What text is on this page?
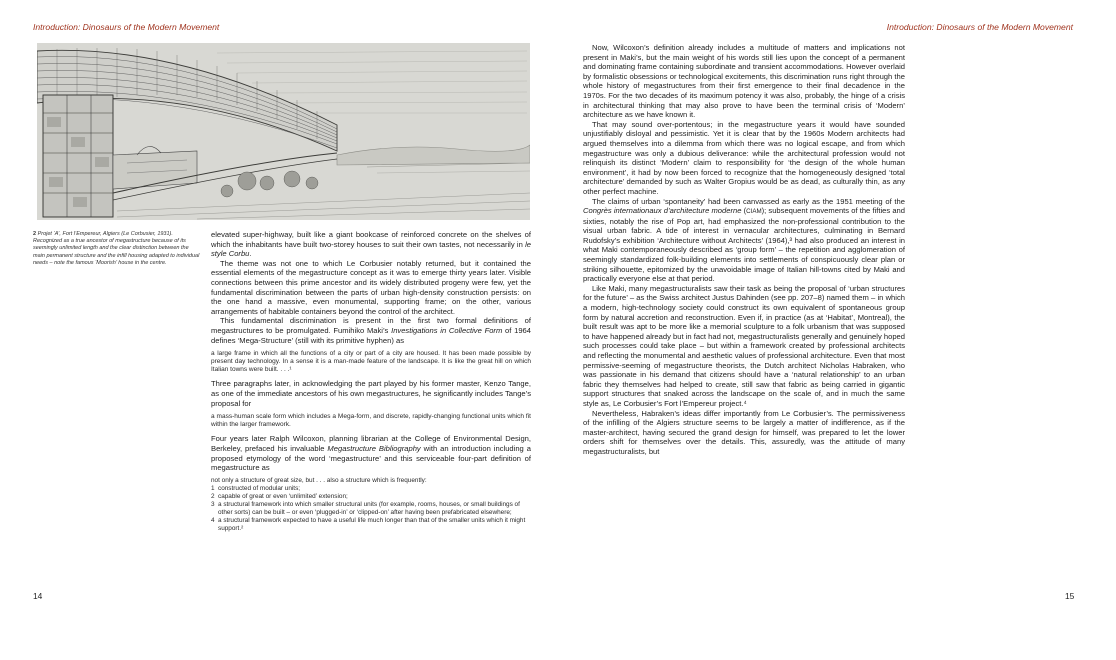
Introduction: Dinosaurs of the Modern Movement	Introduction: Dinosaurs of the Modern Movement
2 Projet ‘A’, Fort l’Empereur, Algiers (Le Corbusier, 1931). Recognized as a true ancestor of megastructure because of its seemingly unlimited length and the clear distinction between the main permanent structure and the infill housing adapted to individual needs – note the famous ‘Moorish’ house in the centre.

elevated super-highway, built like a giant bookcase of reinforced concrete on the shelves of which the inhabitants have built two-storey houses to suit their own tastes, not necessarily in le style Corbu.

The theme was not one to which Le Corbusier notably returned, but it contained the essential elements of the megastructure concept as it was to emerge thirty years later. Visible connections between this prime ancestor and its widely distributed progeny were few, yet the fundamental discrimination between the parts of urban high-density construction persists: on the one hand a massive, even monumental, supporting frame; on the other, various arrangements of habitable containers beyond the control of the architect.

This fundamental discrimination is present in the first two formal definitions of megastructures to be promulgated. Fumihiko Maki’s Investigations in Collective Form of 1964 defines ‘Mega-Structure’ (still with its primitive hyphen) as

a large frame in which all the functions of a city or part of a city are housed. It has been made possible by present day technology. In a sense it is a man-made feature of the landscape. It is like the great hill on which Italian towns were built. . . .¹

Three paragraphs later, in acknowledging the part played by his former master, Kenzo Tange, as one of the immediate ancestors of his own megastructures, he significantly includes Tange’s proposal for

a mass-human scale form which includes a Mega-form, and discrete, rapidly-changing functional units which fit within the larger framework.

Four years later Ralph Wilcoxon, planning librarian at the College of Environmental Design, Berkeley, prefaced his invaluable Megastructure Bibliography with an introduction including a proposed etymology of the word ‘megastructure’ and this serviceable four-part definition of megastructure as

not only a structure of great size, but . . . also a structure which is frequently:
1 constructed of modular units;
2 capable of great or even ‘unlimited’ extension;
3 a structural framework into which smaller structural units (for example, rooms, houses, or small buildings of other sorts) can be built – or even ‘plugged-in’ or ‘clipped-on’ after having been prefabricated elsewhere;
4 a structural framework expected to have a useful life much longer than that of the smaller units which it might support.²

Now, Wilcoxon’s definition already includes a multitude of matters and implications not present in Maki’s, but the main weight of his words still lies upon the concept of a permanent and dominating frame containing subordinate and transient accommodations. However overlaid by formalistic obsessions or technological excitements, this discrimination runs right through the whole history of megastructures from their first emergence to their final decadence in the 1970s. For the two decades of its maximum potency it was also, probably, the hinge of a crisis in architectural thinking that may also prove to have been the terminal crisis of ‘Modern’ architecture as we have known it.

That may sound over-portentous; in the megastructure years it would have sounded unjustifiably disloyal and pessimistic. Yet it is clear that by the 1960s Modern architects had argued themselves into a dilemma from which there was no logical escape, and from which megastructure was only a dubious deliverance: while the architectural profession would not relinquish its distinct ‘Modern’ claim to responsibility for ‘the design of the whole human environment’, it had by now been forced to recognize that the homogeneously designed ‘total architecture’ demanded by such as Walter Gropius would be as dead, as culturally thin, as any other perfect machine.

The claims of urban ‘spontaneity’ had been canvassed as early as the 1951 meeting of the Congrès internationaux d’architecture moderne (CIAM); subsequent movements of the fifties and sixties, notably the rise of Pop art, had emphasized the non-professional contribution to the visual urban fabric. A tide of interest in vernacular architectures, culminating in Bernard Rudofsky’s exhibition ‘Architecture without Architects’ (1964),³ had also produced an interest in what Maki contemporaneously described as ‘group form’ – the repetition and agglomeration of seemingly standardized folk-building elements into settlements of conspicuously clear plan or striking silhouette, epitomized by the unavoidable image of Italian hill-towns cited by Maki and practically everyone else at that period.

Like Maki, many megastructuralists saw their task as being the proposal of ‘urban structures for the future’ – as the Swiss architect Justus Dahinden (see pp. 207–8) named them – in which a modern, high-technology society could construct its own equivalent of spontaneous group form by natural accretion and reconstruction. Even if, in practice (as at ‘Habitat’, Montreal), the built result was apt to be more like a memorial sculpture to a folk urbanism that was supposed to have happened already but in fact had not, megastructuralists generally and genuinely hoped such processes could take place – but within a framework created by professional architects and reflecting the monumental and aesthetic values of professional architecture. Even that most permissive-seeming of megastructure theorists, the Dutch architect Nicholas Habraken, who was passionate in his demand that citizens should have a ‘natural relationship’ to an urban fabric they themselves had helped to create, still saw that fabric as being carried in gigantic support structures that snaked across the landscape on the scale of, and in much the same style as, Le Corbusier’s Fort l’Empereur project.⁴

Nevertheless, Habraken’s ideas differ importantly from Le Corbusier’s. The permissiveness of the infilling of the Algiers structure seems to be largely a matter of indifference, as if the master-architect, having secured the grand design for himself, was prepared to let the lower orders shift for themselves over the details. This, assuredly, was the attitude of many megastructuralists, but

14	15
